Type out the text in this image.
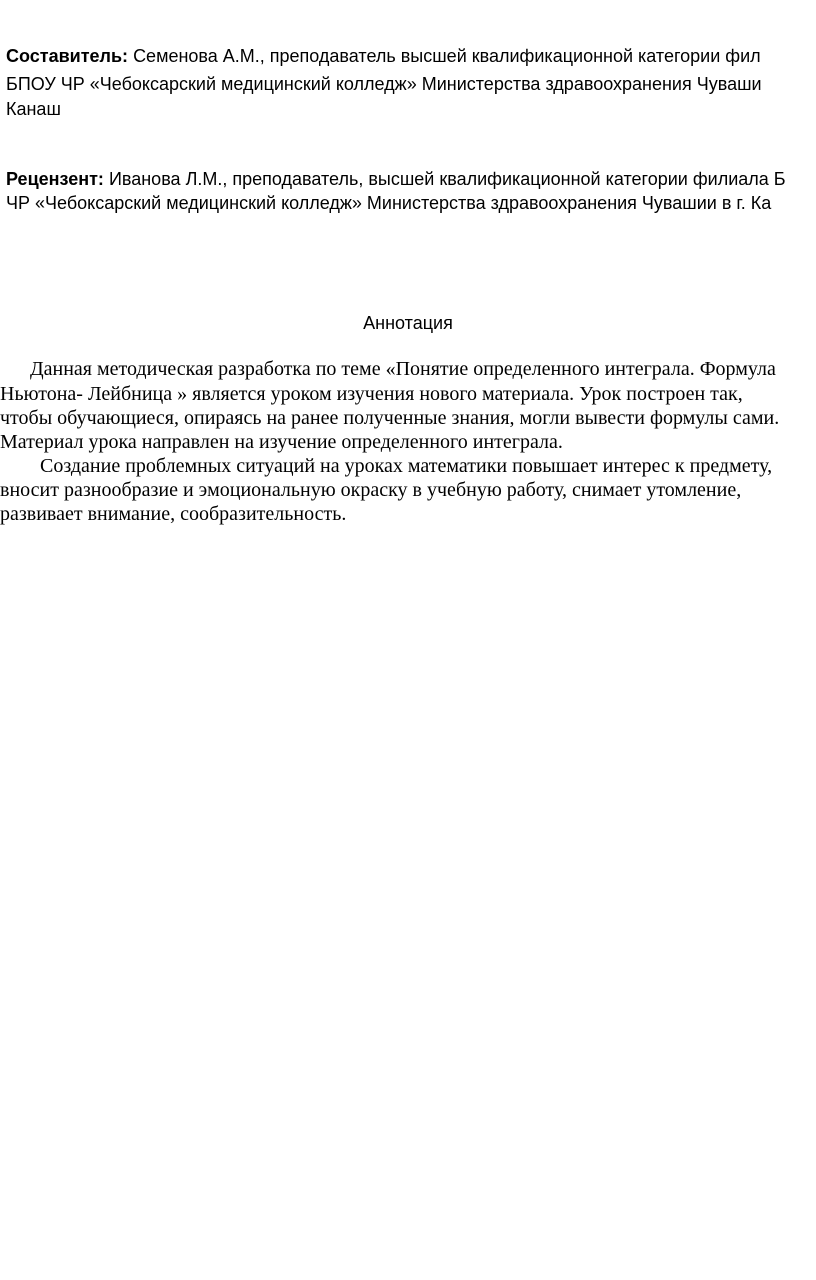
Составитель: Семенова А.М., преподаватель высшей квалификационной категории фил
БПОУ ЧР «Чебоксарский медицинский колледж» Министерства здравоохранения Чуваши
Канаш
Рецензент: Иванова Л.М., преподаватель, высшей квалификационной категории филиала Б
ЧР «Чебоксарский медицинский колледж» Министерства здравоохранения Чувашии в г. Ка
Аннотация
Данная методическая разработка по теме «Понятие определенного интеграла. Формула
Ньютона- Лейбница » является уроком изучения нового материала. Урок построен так,
чтобы обучающиеся, опираясь на ранее полученные знания, могли вывести формулы сами.
Материал урока направлен на изучение определенного интеграла.
Создание проблемных ситуаций на уроках математики повышает интерес к предмету,
вносит разнообразие и эмоциональную окраску в учебную работу, снимает утомление,
развивает внимание, сообразительность.
